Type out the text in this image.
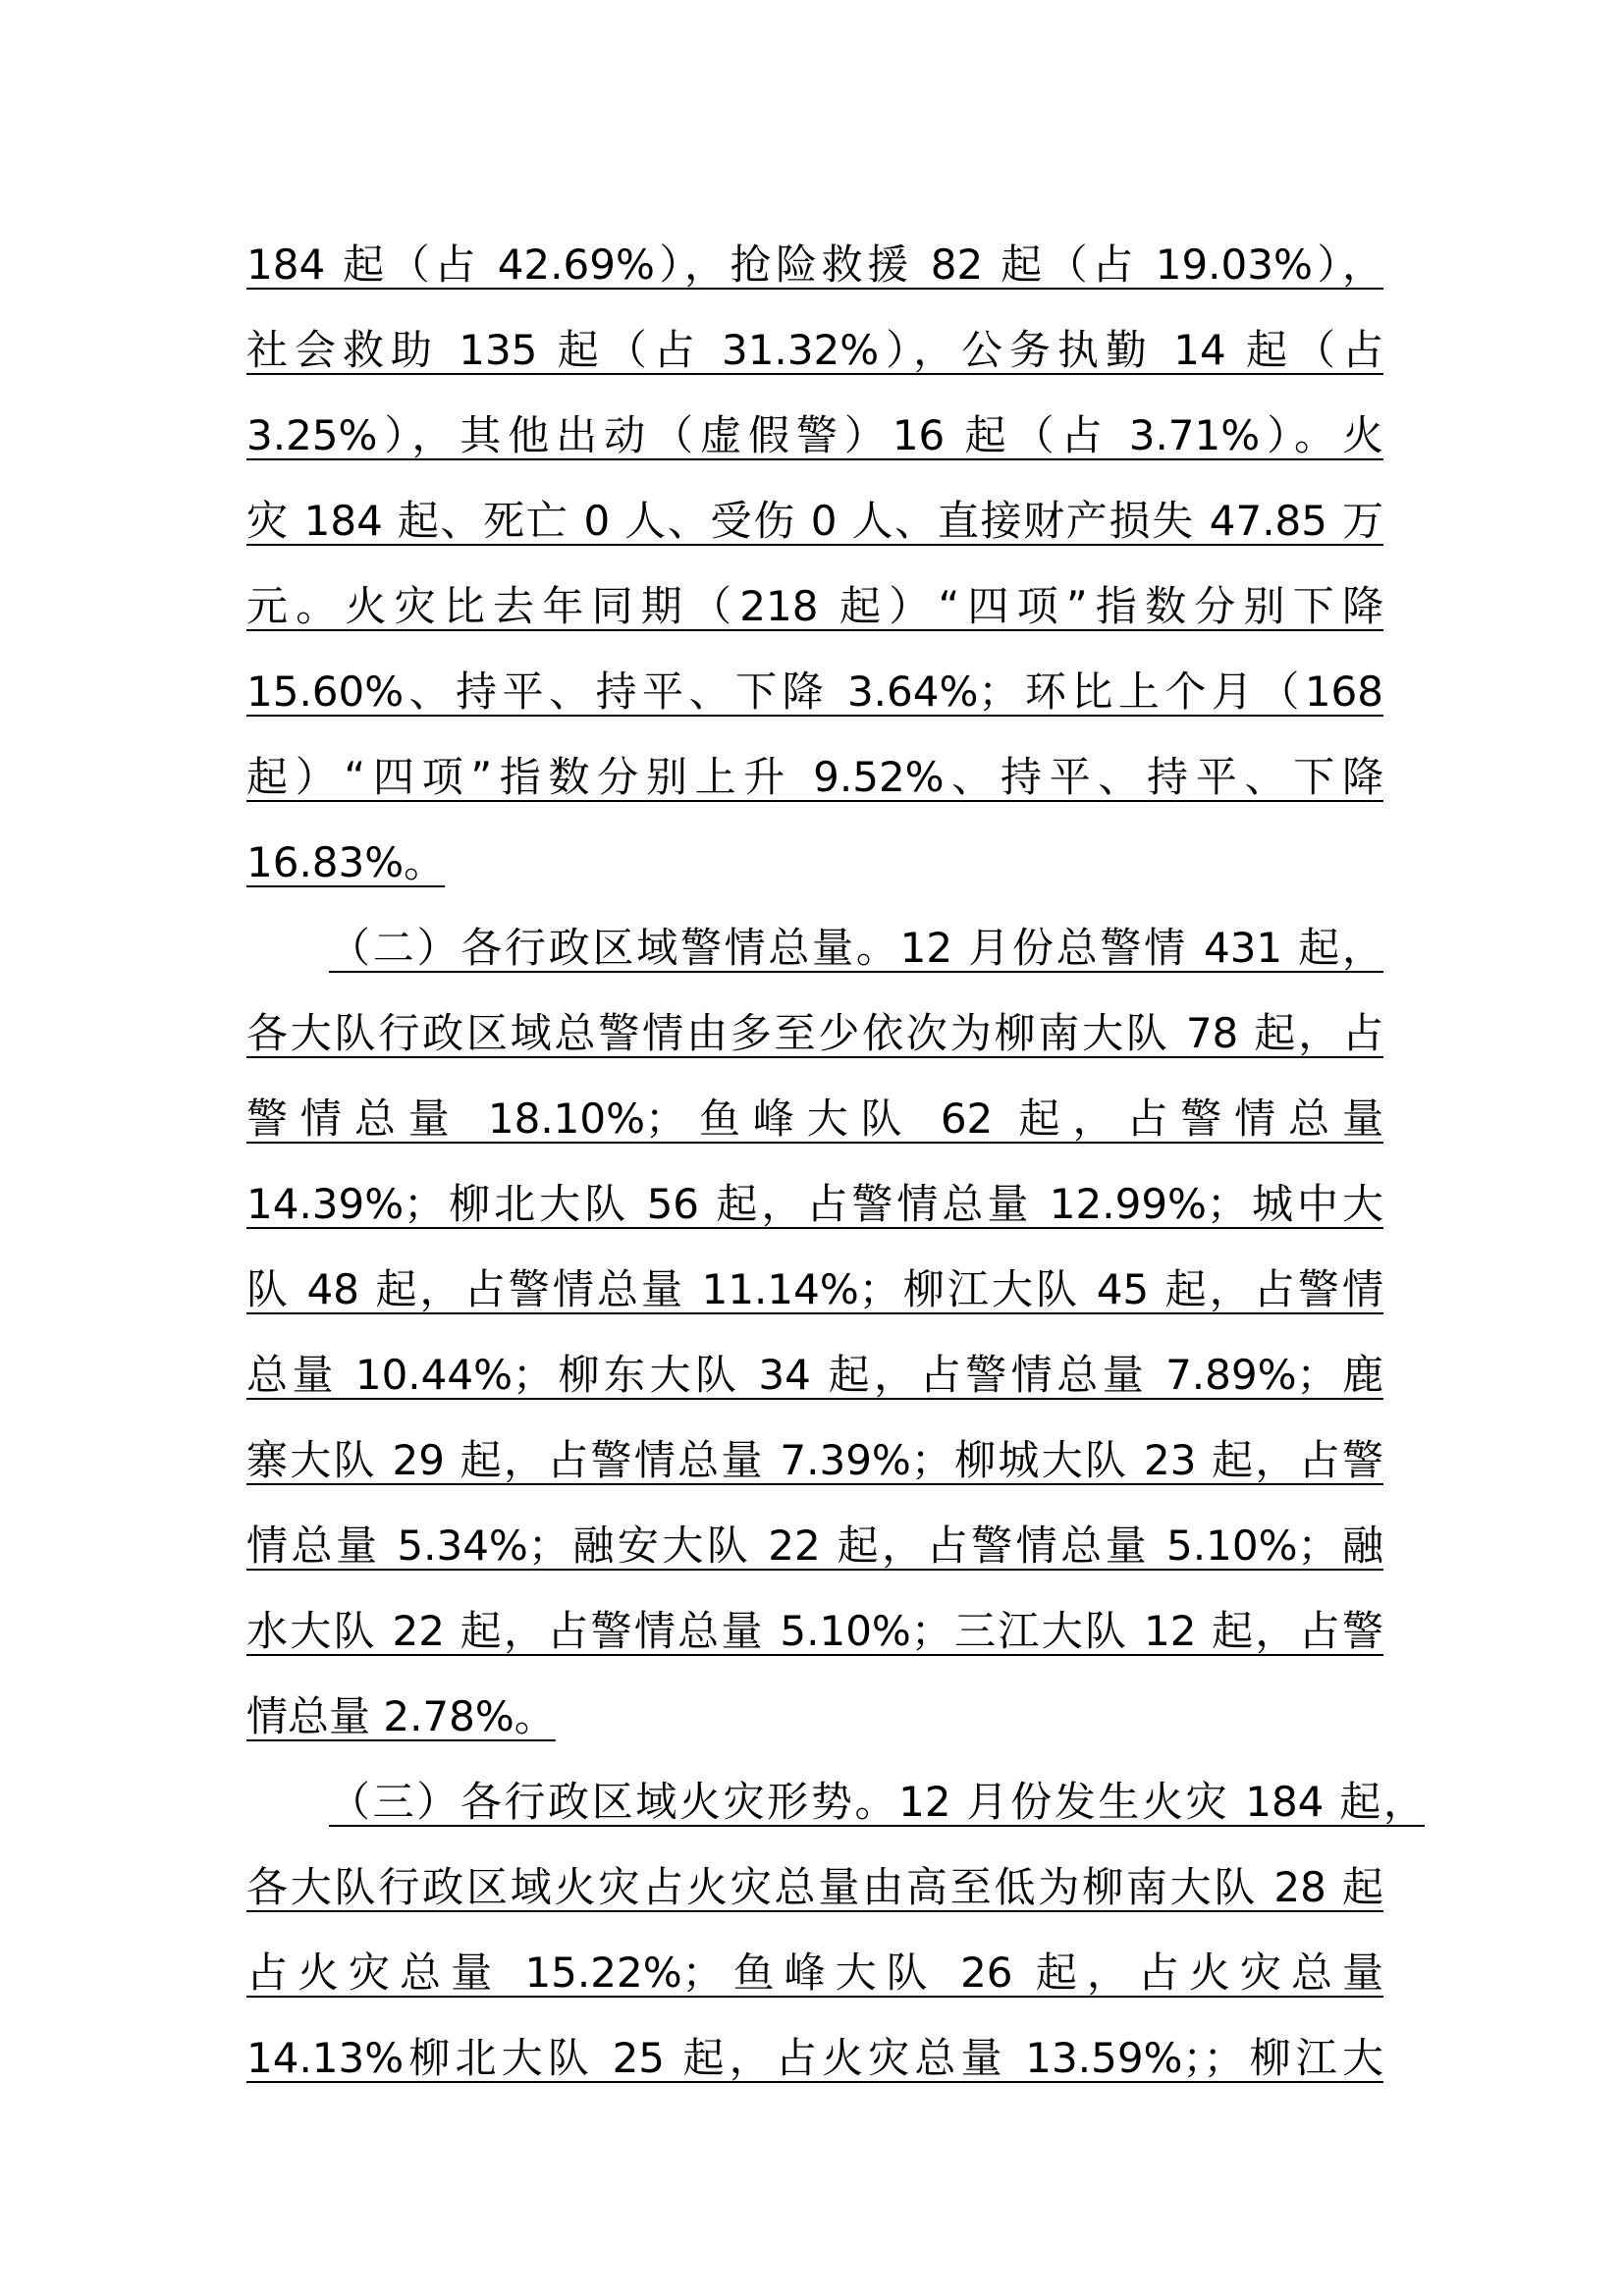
184 起（占 42.69%），抢险救援 82 起（占 19.03%），
社会救助 135 起（占 31.32%），公务执勤 14 起（占
3.25%），其他出动（虚假警）16 起（占 3.71%）。火
灾 184 起、死亡 0 人、受伤 0 人、直接财产损失 47.85 万
元。火灾比去年同期（218 起）“四项”指数分别下降
15.60%、持平、持平、下降 3.64%；环比上个月（168
起）“四项”指数分别上升 9.52%、持平、持平、下降
16.83%。
（二）各行政区域警情总量。12 月份总警情 431 起，
各大队行政区域总警情由多至少依次为柳南大队 78 起，占
警情总量 18.10%；鱼峰大队 62 起，占警情总量
14.39%；柳北大队 56 起，占警情总量 12.99%；城中大
队 48 起，占警情总量 11.14%；柳江大队 45 起，占警情
总量 10.44%；柳东大队 34 起，占警情总量 7.89%；鹿
寨大队 29 起，占警情总量 7.39%；柳城大队 23 起，占警
情总量 5.34%；融安大队 22 起，占警情总量 5.10%；融
水大队 22 起，占警情总量 5.10%；三江大队 12 起，占警
情总量 2.78%。
（三）各行政区域火灾形势。12 月份发生火灾 184 起，
各大队行政区域火灾占火灾总量由高至低为柳南大队 28 起
占火灾总量 15.22%；鱼峰大队 26 起，占火灾总量
14.13%柳北大队 25 起，占火灾总量 13.59%；；柳江大
